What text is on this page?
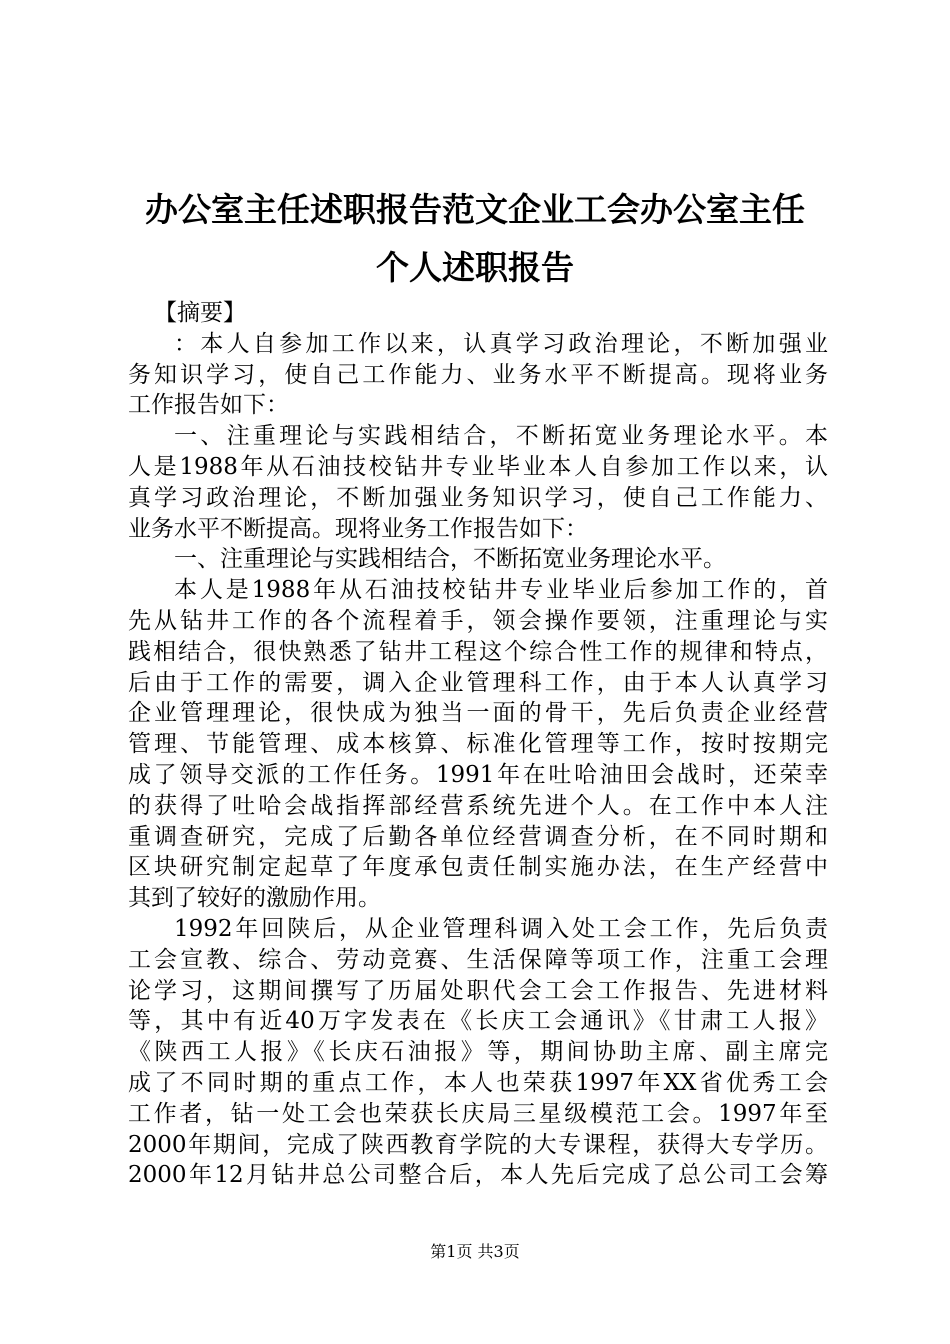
办公室主任述职报告范文企业工会办公室主任
个人述职报告
【摘要】
：本人自参加工作以来，认真学习政治理论，不断加强业
务知识学习，使自己工作能力、业务水平不断提高。现将业务
工作报告如下：
一、注重理论与实践相结合，不断拓宽业务理论水平。本
人是1988年从石油技校钻井专业毕业本人自参加工作以来，认
真学习政治理论，不断加强业务知识学习，使自己工作能力、
业务水平不断提高。现将业务工作报告如下：
一、注重理论与实践相结合，不断拓宽业务理论水平。
本人是1988年从石油技校钻井专业毕业后参加工作的，首
先从钻井工作的各个流程着手，领会操作要领，注重理论与实
践相结合，很快熟悉了钻井工程这个综合性工作的规律和特点，
后由于工作的需要，调入企业管理科工作，由于本人认真学习
企业管理理论，很快成为独当一面的骨干，先后负责企业经营
管理、节能管理、成本核算、标准化管理等工作，按时按期完
成了领导交派的工作任务。1991年在吐哈油田会战时，还荣幸
的获得了吐哈会战指挥部经营系统先进个人。在工作中本人注
重调查研究，完成了后勤各单位经营调查分析，在不同时期和
区块研究制定起草了年度承包责任制实施办法，在生产经营中
其到了较好的激励作用。
1992年回陕后，从企业管理科调入处工会工作，先后负责
工会宣教、综合、劳动竞赛、生活保障等项工作，注重工会理
论学习，这期间撰写了历届处职代会工会工作报告、先进材料
等，其中有近40万字发表在《长庆工会通讯》《甘肃工人报》
《陕西工人报》《长庆石油报》等，期间协助主席、副主席完
成了不同时期的重点工作，本人也荣获1997年XX省优秀工会
工作者，钻一处工会也荣获长庆局三星级模范工会。1997年至
2000年期间，完成了陕西教育学院的大专课程，获得大专学历。
2000年12月钻井总公司整合后，本人先后完成了总公司工会筹
第1页 共3页
